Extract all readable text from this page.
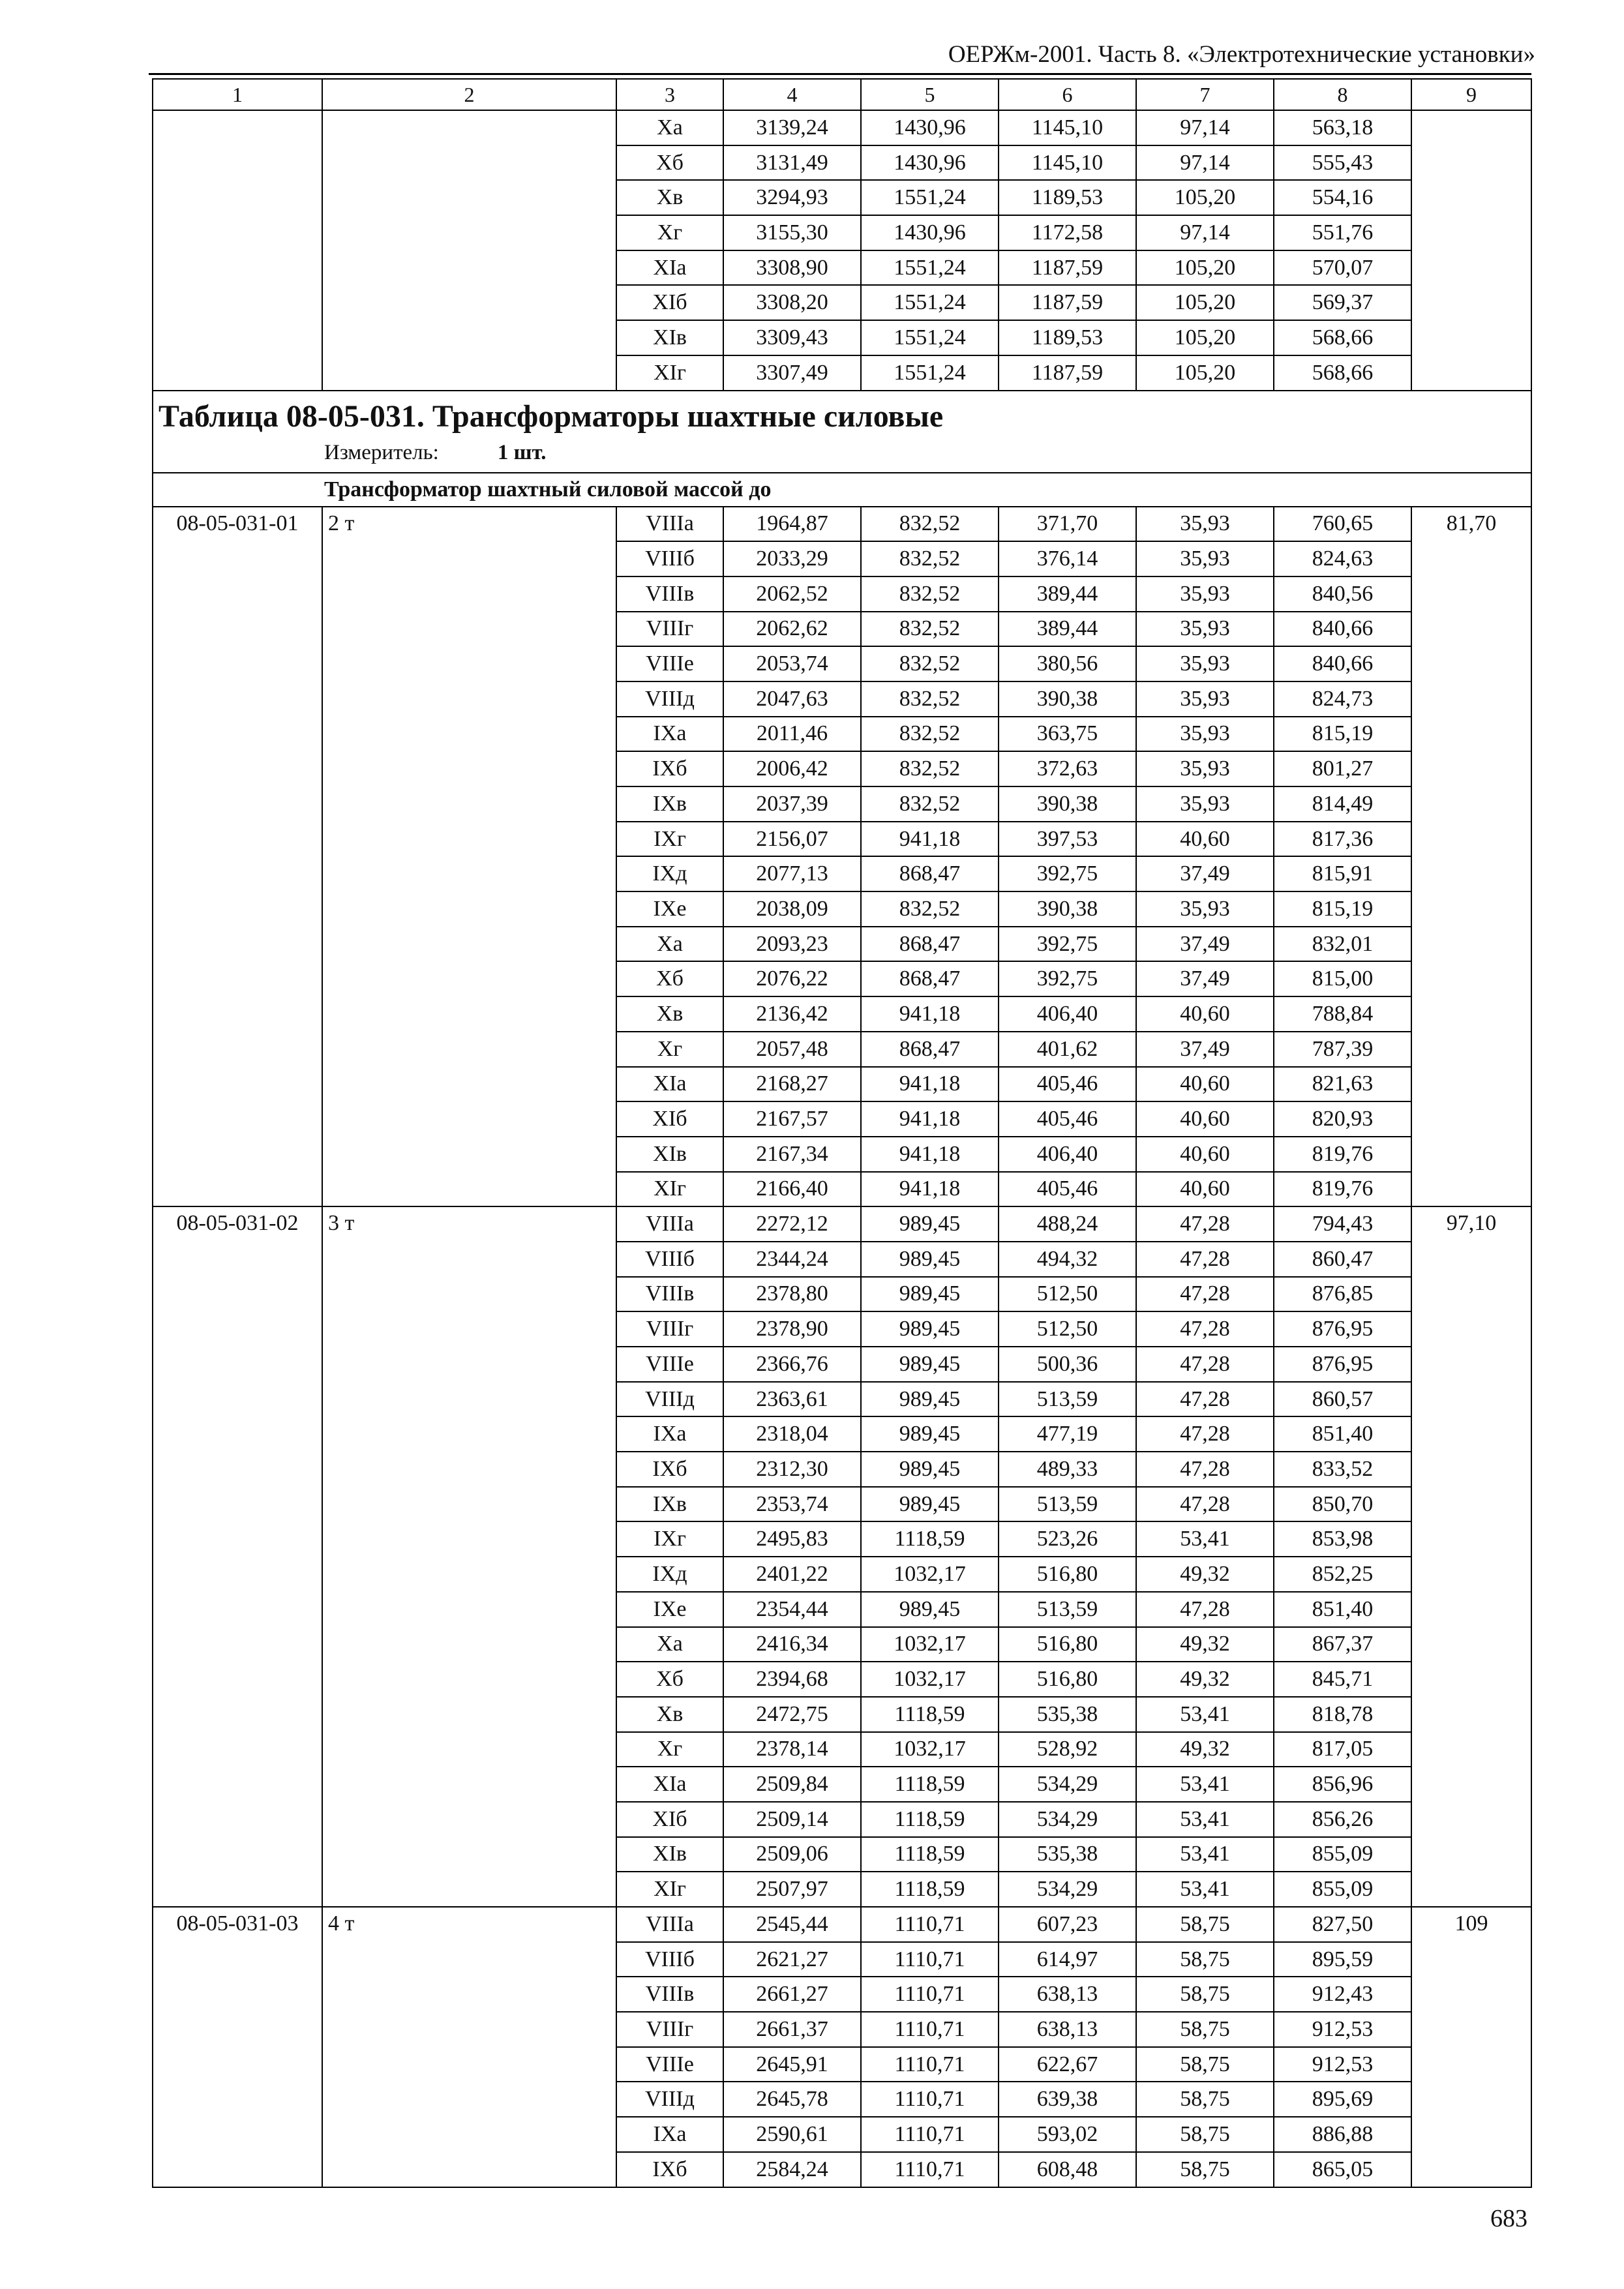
ОЕРЖм-2001. Часть 8. «Электротехнические установки»
1	2	3	4	5	6	7	8	9
		Xа	3139,24	1430,96	1145,10	97,14	563,18	
		Xб	3131,49	1430,96	1145,10	97,14	555,43	
		Xв	3294,93	1551,24	1189,53	105,20	554,16	
		Xг	3155,30	1430,96	1172,58	97,14	551,76	
		XIа	3308,90	1551,24	1187,59	105,20	570,07	
		XIб	3308,20	1551,24	1187,59	105,20	569,37	
		XIв	3309,43	1551,24	1189,53	105,20	568,66	
		XIг	3307,49	1551,24	1187,59	105,20	568,66	

Таблица 08-05-031. Трансформаторы шахтные силовые
Измеритель: 1 шт.								

Трансформатор шахтный силовой массой до								
08-05-031-01	2 т	VIIIа	1964,87	832,52	371,70	35,93	760,65	81,70
		VIIIб	2033,29	832,52	376,14	35,93	824,63	
		VIIIв	2062,52	832,52	389,44	35,93	840,56	
		VIIIг	2062,62	832,52	389,44	35,93	840,66	
		VIIIе	2053,74	832,52	380,56	35,93	840,66	
		VIIIд	2047,63	832,52	390,38	35,93	824,73	
		IXа	2011,46	832,52	363,75	35,93	815,19	
		IXб	2006,42	832,52	372,63	35,93	801,27	
		IXв	2037,39	832,52	390,38	35,93	814,49	
		IXг	2156,07	941,18	397,53	40,60	817,36	
		IXд	2077,13	868,47	392,75	37,49	815,91	
		IXе	2038,09	832,52	390,38	35,93	815,19	
		Xа	2093,23	868,47	392,75	37,49	832,01	
		Xб	2076,22	868,47	392,75	37,49	815,00	
		Xв	2136,42	941,18	406,40	40,60	788,84	
		Xг	2057,48	868,47	401,62	37,49	787,39	
		XIа	2168,27	941,18	405,46	40,60	821,63	
		XIб	2167,57	941,18	405,46	40,60	820,93	
		XIв	2167,34	941,18	406,40	40,60	819,76	
		XIг	2166,40	941,18	405,46	40,60	819,76	
08-05-031-02	3 т	VIIIа	2272,12	989,45	488,24	47,28	794,43	97,10
		VIIIб	2344,24	989,45	494,32	47,28	860,47	
		VIIIв	2378,80	989,45	512,50	47,28	876,85	
		VIIIг	2378,90	989,45	512,50	47,28	876,95	
		VIIIе	2366,76	989,45	500,36	47,28	876,95	
		VIIIд	2363,61	989,45	513,59	47,28	860,57	
		IXа	2318,04	989,45	477,19	47,28	851,40	
		IXб	2312,30	989,45	489,33	47,28	833,52	
		IXв	2353,74	989,45	513,59	47,28	850,70	
		IXг	2495,83	1118,59	523,26	53,41	853,98	
		IXд	2401,22	1032,17	516,80	49,32	852,25	
		IXе	2354,44	989,45	513,59	47,28	851,40	
		Xа	2416,34	1032,17	516,80	49,32	867,37	
		Xб	2394,68	1032,17	516,80	49,32	845,71	
		Xв	2472,75	1118,59	535,38	53,41	818,78	
		Xг	2378,14	1032,17	528,92	49,32	817,05	
		XIа	2509,84	1118,59	534,29	53,41	856,96	
		XIб	2509,14	1118,59	534,29	53,41	856,26	
		XIв	2509,06	1118,59	535,38	53,41	855,09	
		XIг	2507,97	1118,59	534,29	53,41	855,09	
08-05-031-03	4 т	VIIIа	2545,44	1110,71	607,23	58,75	827,50	109
		VIIIб	2621,27	1110,71	614,97	58,75	895,59	
		VIIIв	2661,27	1110,71	638,13	58,75	912,43	
		VIIIг	2661,37	1110,71	638,13	58,75	912,53	
		VIIIе	2645,91	1110,71	622,67	58,75	912,53	
		VIIIд	2645,78	1110,71	639,38	58,75	895,69	
		IXа	2590,61	1110,71	593,02	58,75	886,88	
		IXб	2584,24	1110,71	608,48	58,75	865,05	
683
